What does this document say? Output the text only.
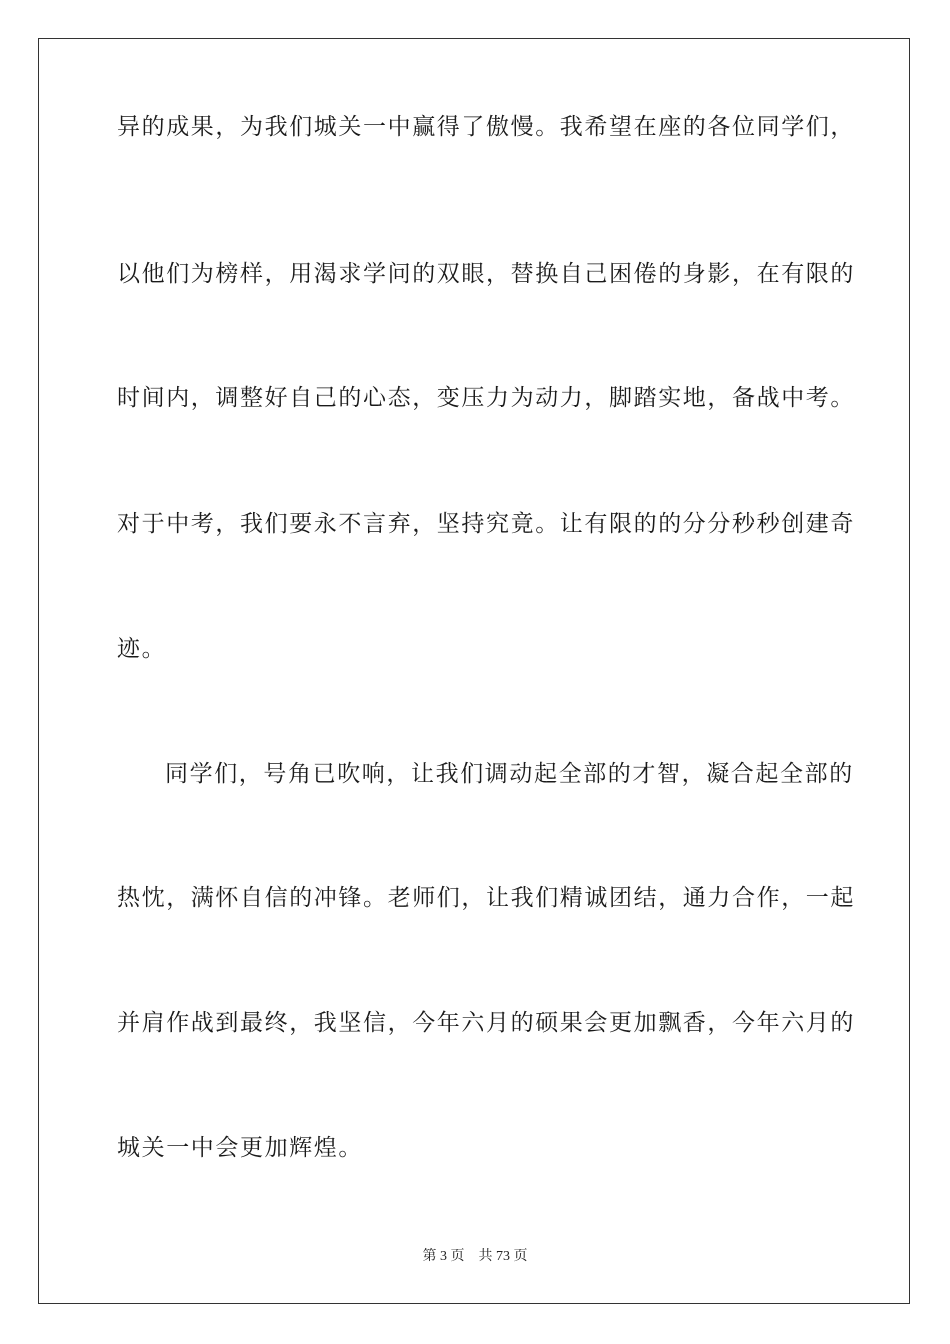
异的成果，为我们城关一中赢得了傲慢。我希望在座的各位同学们，
以他们为榜样，用渴求学问的双眼，替换自己困倦的身影，在有限的
时间内，调整好自己的心态，变压力为动力，脚踏实地，备战中考。
对于中考，我们要永不言弃，坚持究竟。让有限的的分分秒秒创建奇
迹。
同学们，号角已吹响，让我们调动起全部的才智，凝合起全部的
热忱，满怀自信的冲锋。老师们，让我们精诚团结，通力合作，一起
并肩作战到最终，我坚信，今年六月的硕果会更加飘香，今年六月的
城关一中会更加辉煌。
第 3 页 共 73 页
